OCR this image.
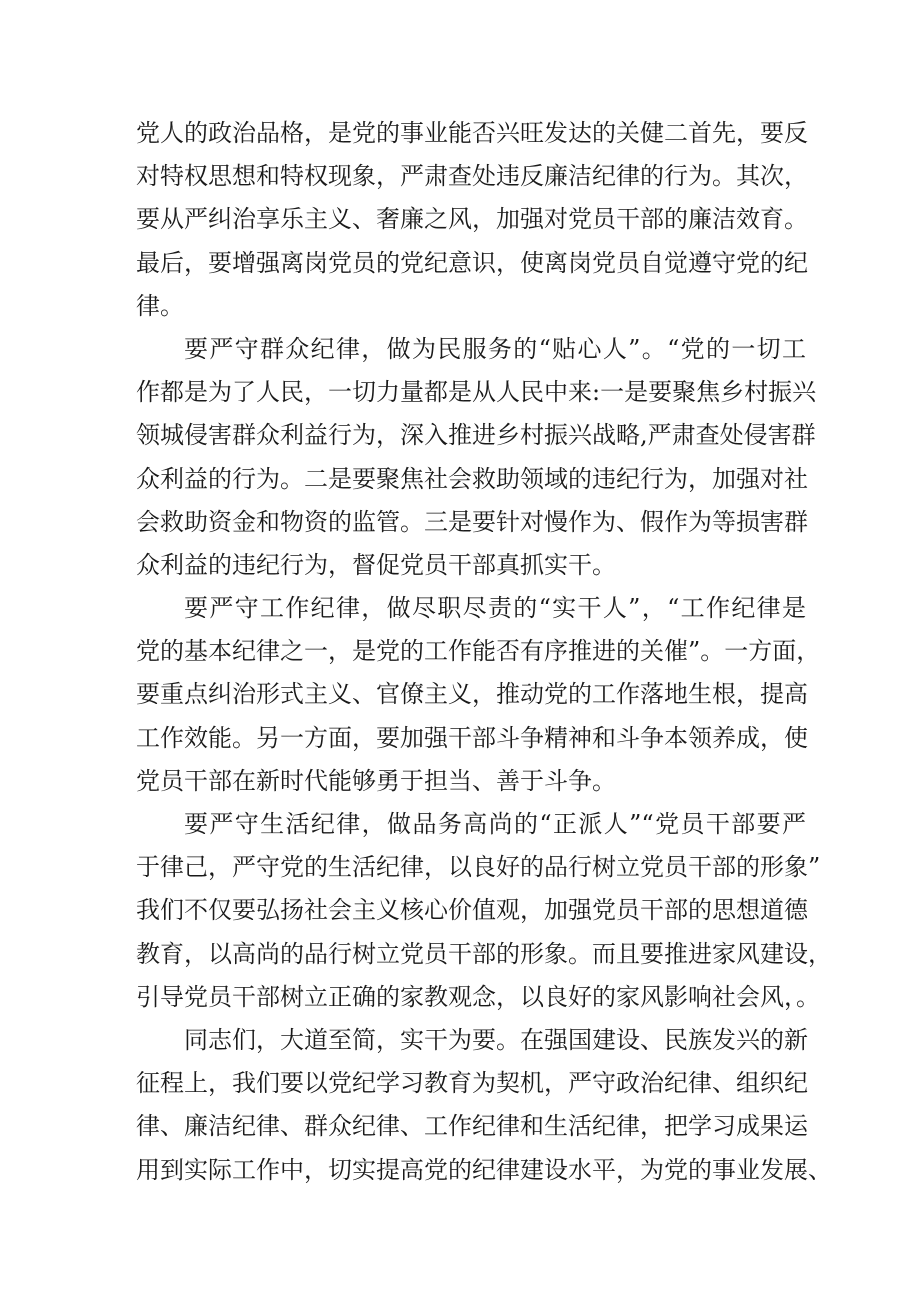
党人的政治品格，是党的事业能否兴旺发达的关健二首先，要反
对特权思想和特权现象，严肃查处违反廉洁纪律的行为。其次，
要从严纠治享乐主义、奢廉之风，加强对党员干部的廉洁效育。
最后，要增强离岗党员的党纪意识，使离岗党员自觉遵守党的纪
律。
要严守群众纪律，做为民服务的“贴心人”。“党的一切工
作都是为了人民，一切力量都是从人民中来:一是要聚焦乡村振兴
领城侵害群众利益行为，深入推进乡村振兴战略,严肃查处侵害群
众利益的行为。二是要聚焦社会救助领域的违纪行为，加强对社
会救助资金和物资的监管。三是要针对慢作为、假作为等损害群
众利益的违纪行为，督促党员干部真抓实干。
要严守工作纪律，做尽职尽责的“实干人”，“工作纪律是
党的基本纪律之一，是党的工作能否有序推进的关催”。一方面，
要重点纠治形式主义、官僚主义，推动党的工作落地生根，提高
工作效能。另一方面，要加强干部斗争精神和斗争本领养成，使
党员干部在新时代能够勇于担当、善于斗争。
要严守生活纪律，做品务高尚的“正派人”“党员干部要严
于律己，严守党的生活纪律，以良好的品行树立党员干部的形象”
我们不仅要弘扬社会主义核心价值观，加强党员干部的思想道德
教育，以高尚的品行树立党员干部的形象。而且要推进家风建设，
引导党员干部树立正确的家教观念，以良好的家风影响社会风，。
同志们，大道至简，实干为要。在强国建设、民族发兴的新
征程上，我们要以党纪学习教育为契机，严守政治纪律、组织纪
律、廉洁纪律、群众纪律、工作纪律和生活纪律，把学习成果运
用到实际工作中，切实提高党的纪律建设水平，为党的事业发展、
